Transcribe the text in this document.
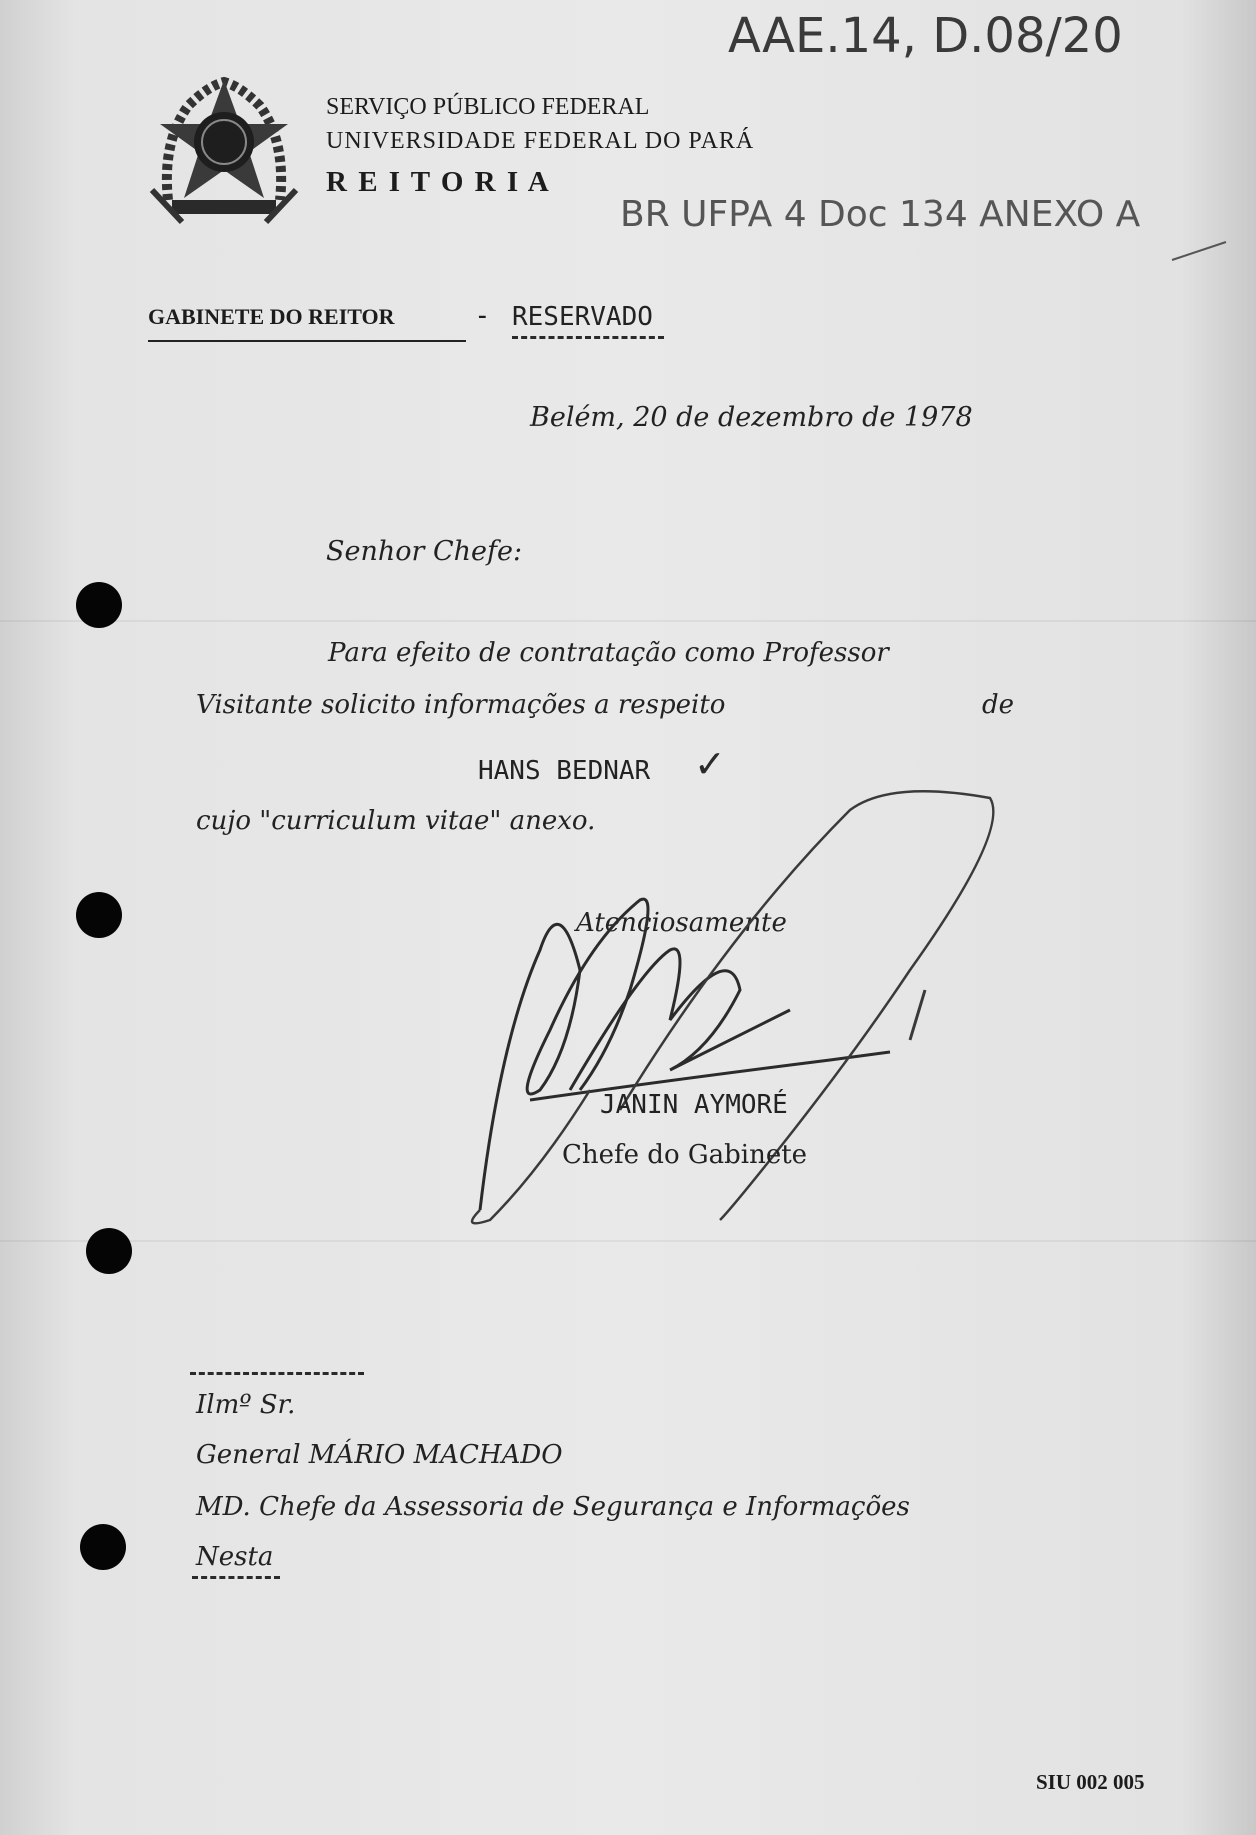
AAE.14, D.08/20
BR UFPA 4 Doc 134 ANEXO A
SERVIÇO PÚBLICO FEDERAL
UNIVERSIDADE FEDERAL DO PARÁ
R E I T O R I A
GABINETE DO REITOR	- RESERVADO
Belém, 20 de dezembro de 1978
Senhor Chefe:
Para efeito de contratação como Professor
Visitante solicito informações a respeito	de
HANS BEDNAR ✓
cujo "curriculum vitae" anexo.
Atenciosamente
JANIN AYMORÉ
Chefe do Gabinete
Ilmº Sr.
General MÁRIO MACHADO
MD. Chefe da Assessoria de Segurança e Informações
Nesta
SIU 002 005
